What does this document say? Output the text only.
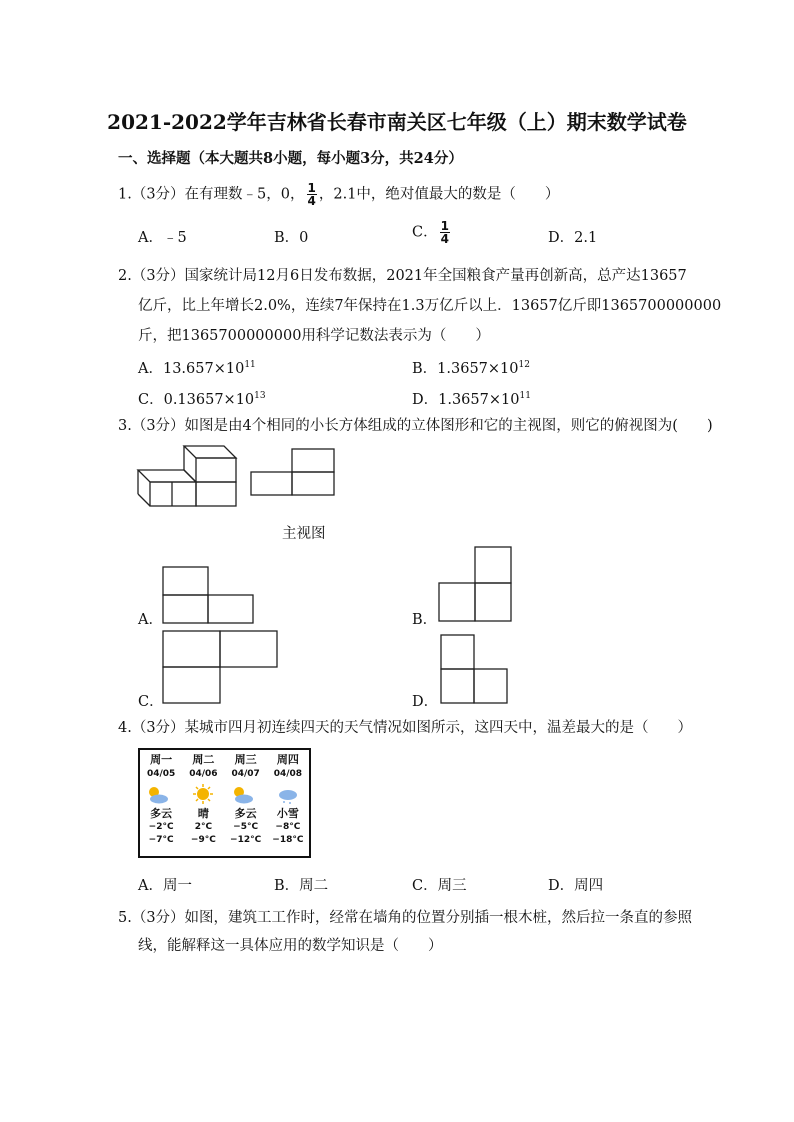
2021-2022学年吉林省长春市南关区七年级（上）期末数学试卷
一、选择题（本大题共8小题，每小题3分，共24分）
1.（3分）在有理数﹣5，0， $\frac{1}{4}$ ，2.1中，绝对值最大的数是（　　）
A．﹣5	B．0	C． $\frac{1}{4}$	D．2.1
2.（3分）国家统计局12月6日发布数据，2021年全国粮食产量再创新高，总产达13657
亿斤，比上年增长2.0%，连续7年保持在1.3万亿斤以上．13657亿斤即1365700000000
斤，把1365700000000用科学记数法表示为（　　）
A．$13.657\times 10^{11}$	B．$1.3657\times 10^{12}$
C．$0.13657\times 10^{13}$	D．$1.3657\times 10^{11}$
3.（3分）如图是由4个相同的小长方体组成的立体图形和它的主视图，则它的俯视图为(　　)
主视图
A．	B．
C．	D．
4.（3分）某城市四月初连续四天的天气情况如图所示，这四天中，温差最大的是（　　）
周一
04/05
多云
−2°C
−7°C
周二
04/06
晴
2°C
−9°C
周三
04/07
多云
−5°C
−12°C
周四
04/08
小雪
−8°C
−18°C
A．周一	B．周二	C．周三	D．周四
5.（3分）如图，建筑工工作时，经常在墙角的位置分别插一根木桩，然后拉一条直的参照
线，能解释这一具体应用的数学知识是（　　）
